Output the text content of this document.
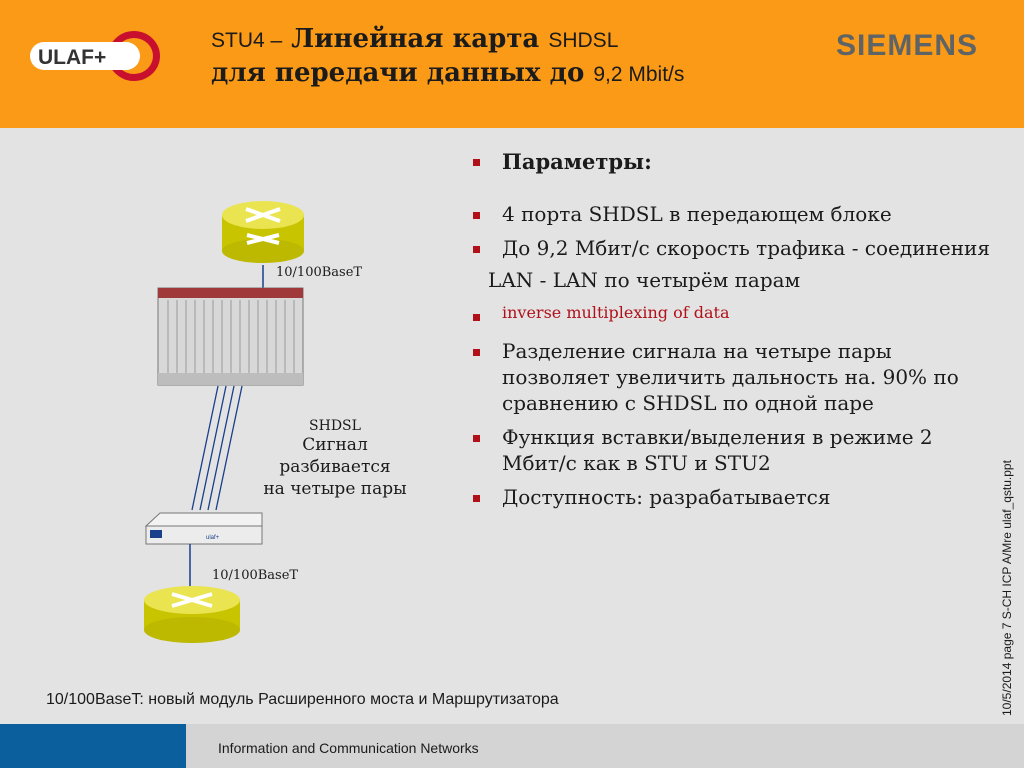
ULAF+
STU4 – Линейная карта SHDSL
для передачи данных до 9,2 Mbit/s
SIEMENS
ulaf+
10/100BaseT
SHDSL
Сигнал разбивается
на четыре пары
10/100BaseT
Параметры:
4 порта SHDSL в передающем блоке
До 9,2 Мбит/с скорость трафика - соединения
LAN - LAN по четырём парам
inverse multiplexing of data
Разделение сигнала на четыре пары позволяет увеличить дальность на. 90% по сравнению с SHDSL по одной паре
Функция вставки/выделения в режиме 2 Мбит/с как в STU и STU2
Доступность: разрабатывается	10/5/2014 page 7 S-CH ICP A/Mre ulaf_qstu.ppt
10/100BaseT: новый модуль Расширенного моста и Маршрутизатора
Information and Communication Networks
